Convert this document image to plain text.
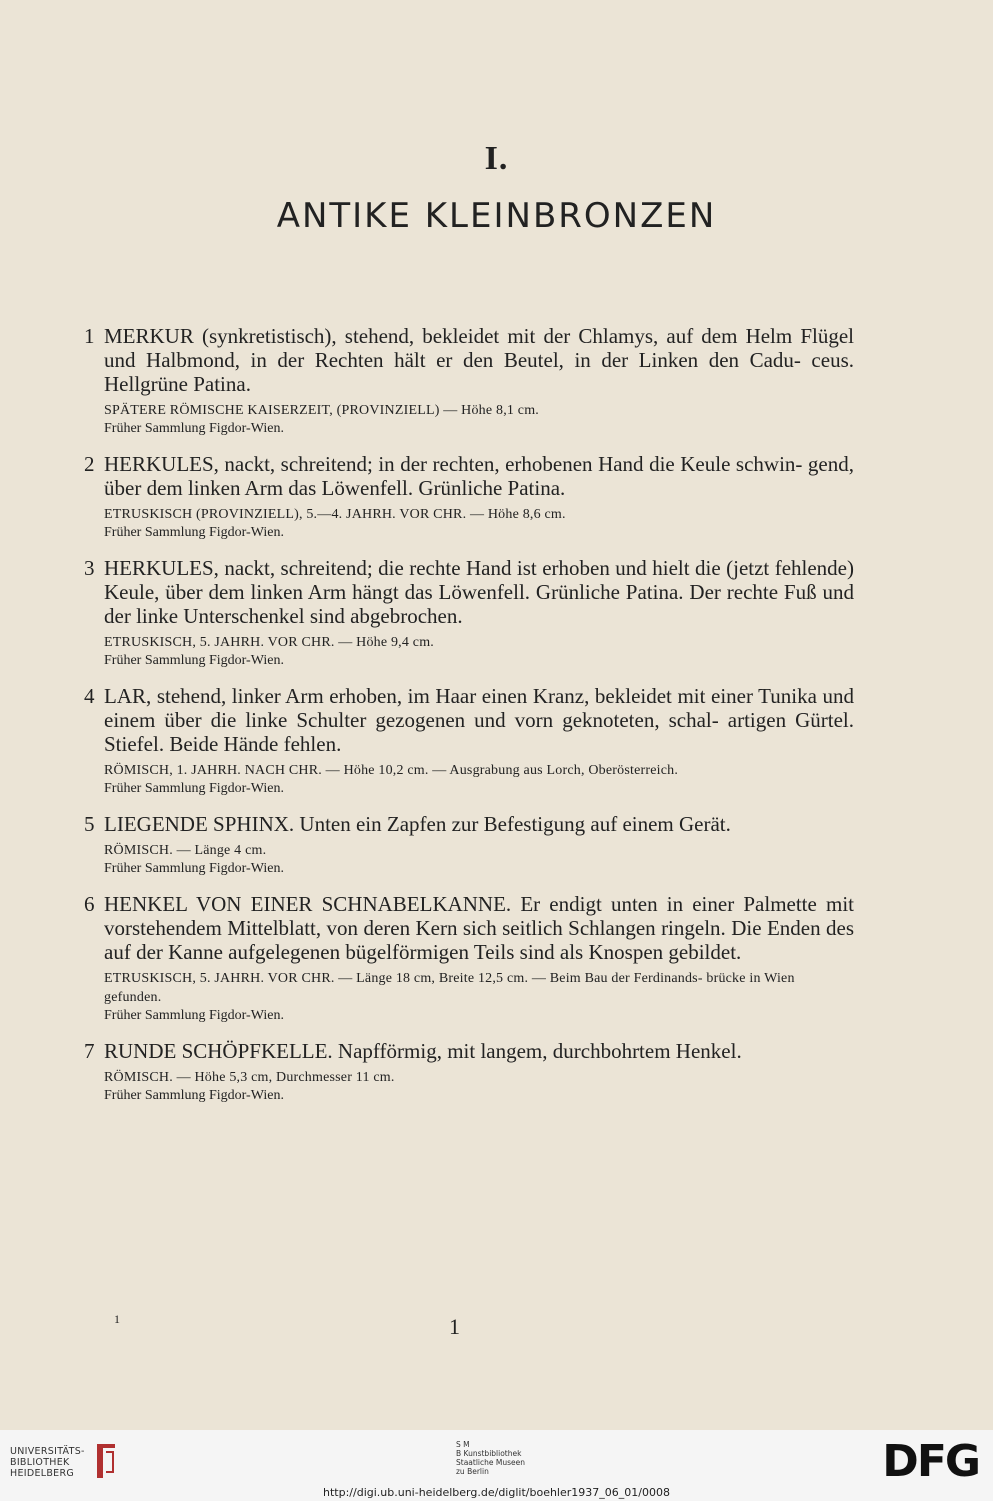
I.
ANTIKE KLEINBRONZEN
1 MERKUR (synkretistisch), stehend, bekleidet mit der Chlamys, auf dem Helm Flügel und Halbmond, in der Rechten hält er den Beutel, in der Linken den Cadu- ceus. Hellgrüne Patina.
SPÄTERE RÖMISCHE KAISERZEIT, (PROVINZIELL) — Höhe 8,1 cm.
Früher Sammlung Figdor-Wien.
2 HERKULES, nackt, schreitend; in der rechten, erhobenen Hand die Keule schwin- gend, über dem linken Arm das Löwenfell. Grünliche Patina.
ETRUSKISCH (PROVINZIELL), 5.—4. JAHRH. VOR CHR. — Höhe 8,6 cm.
Früher Sammlung Figdor-Wien.
3 HERKULES, nackt, schreitend; die rechte Hand ist erhoben und hielt die (jetzt fehlende) Keule, über dem linken Arm hängt das Löwenfell. Grünliche Patina. Der rechte Fuß und der linke Unterschenkel sind abgebrochen.
ETRUSKISCH, 5. JAHRH. VOR CHR. — Höhe 9,4 cm.
Früher Sammlung Figdor-Wien.
4 LAR, stehend, linker Arm erhoben, im Haar einen Kranz, bekleidet mit einer Tunika und einem über die linke Schulter gezogenen und vorn geknoteten, schal- artigen Gürtel. Stiefel. Beide Hände fehlen.
RÖMISCH, 1. JAHRH. NACH CHR. — Höhe 10,2 cm. — Ausgrabung aus Lorch, Oberösterreich.
Früher Sammlung Figdor-Wien.
5 LIEGENDE SPHINX. Unten ein Zapfen zur Befestigung auf einem Gerät.
RÖMISCH. — Länge 4 cm.
Früher Sammlung Figdor-Wien.
6 HENKEL VON EINER SCHNABELKANNE. Er endigt unten in einer Palmette mit vorstehendem Mittelblatt, von deren Kern sich seitlich Schlangen ringeln. Die Enden des auf der Kanne aufgelegenen bügelförmigen Teils sind als Knospen gebildet.
ETRUSKISCH, 5. JAHRH. VOR CHR. — Länge 18 cm, Breite 12,5 cm. — Beim Bau der Ferdinands- brücke in Wien gefunden.
Früher Sammlung Figdor-Wien.
7 RUNDE SCHÖPFKELLE. Napfförmig, mit langem, durchbohrtem Henkel.
RÖMISCH. — Höhe 5,3 cm, Durchmesser 11 cm.
Früher Sammlung Figdor-Wien.
1	1
UNIVERSITÄTS-
BIBLIOTHEK
HEIDELBERG
S M
B Kunstbibliothek
Staatliche Museen
zu Berlin	DFG
http://digi.ub.uni-heidelberg.de/diglit/boehler1937_06_01/0008
